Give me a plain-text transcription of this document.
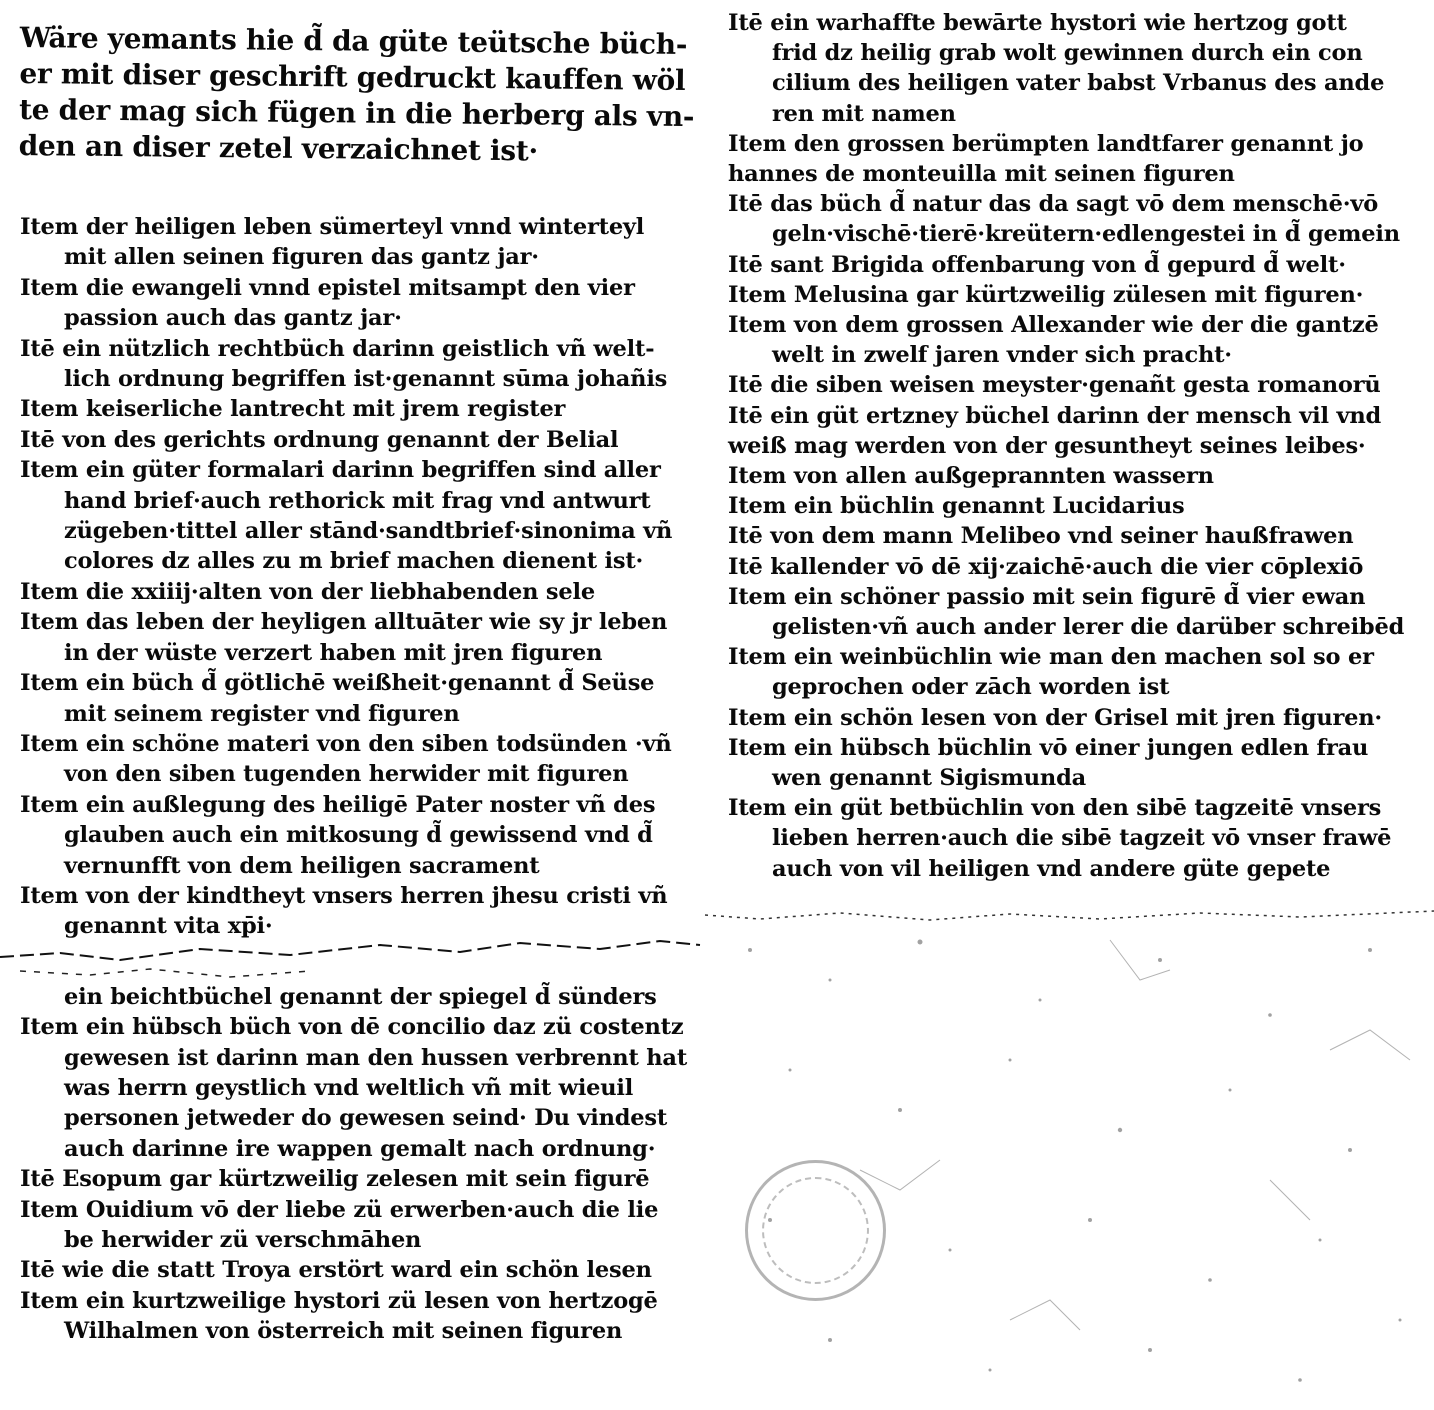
Wäre yemants hie d̃ da güte teütsche büch-
er mit diser geschrift gedruckt kauffen wöl
te der mag sich fügen in die herberg als vn-
den an diser zetel verzaichnet ist·
Item der heiligen leben sümerteyl vnnd winterteyl
mit allen seinen figuren das gantz jar·
Item die ewangeli vnnd epistel mitsampt den vier
passion auch das gantz jar·
Itē ein nützlich rechtbüch darinn geistlich vñ welt-
lich ordnung begriffen ist·genannt sūma johañis
Item keiserliche lantrecht mit jrem register
Itē von des gerichts ordnung genannt der Belial
Item ein güter formalari darinn begriffen sind aller
hand brief·auch rethorick mit frag vnd antwurt
zügeben·tittel aller stānd·sandtbrief·sinonima vñ
colores dz alles zu m brief machen dienent ist·
Item die xxiiij·alten von der liebhabenden sele
Item das leben der heyligen alltuāter wie sy jr leben
in der wüste verzert haben mit jren figuren
Item ein büch d̃ götlichē weißheit·genannt d̃ Seüse
mit seinem register vnd figuren
Item ein schöne materi von den siben todsünden ·vñ
von den siben tugenden herwider mit figuren
Item ein außlegung des heiligē Pater noster vñ des
glauben auch ein mitkosung d̃ gewissend vnd d̃
vernunfft von dem heiligen sacrament
Item von der kindtheyt vnsers herren jhesu cristi vñ
genannt vita xp̄i·
ein beichtbüchel genannt der spiegel d̃ sünders
Item ein hübsch büch von dē concilio daz zü costentz
gewesen ist darinn man den hussen verbrennt hat
was herrn geystlich vnd weltlich vñ mit wieuil
personen jetweder do gewesen seind· Du vindest
auch darinne ire wappen gemalt nach ordnung·
Itē Esopum gar kürtzweilig zelesen mit sein figurē
Item Ouidium vō der liebe zü erwerben·auch die lie
be herwider zü verschmāhen
Itē wie die statt Troya erstört ward ein schön lesen
Item ein kurtzweilige hystori zü lesen von hertzogē
Wilhalmen von österreich mit seinen figuren
Itē ein warhaffte bewārte hystori wie hertzog gott
frid dz heilig grab wolt gewinnen durch ein con
cilium des heiligen vater babst Vrbanus des ande
ren mit namen
Item den grossen berümpten landtfarer genannt jo
hannes de monteuilla mit seinen figuren
Itē das büch d̃ natur das da sagt vō dem menschē·vō
geln·vischē·tierē·kreütern·edlengestei in d̃ gemein
Itē sant Brigida offenbarung von d̃ gepurd d̃ welt·
Item Melusina gar kürtzweilig zülesen mit figuren·
Item von dem grossen Allexander wie der die gantzē
welt in zwelf jaren vnder sich pracht·
Itē die siben weisen meyster·genañt gesta romanorū
Itē ein güt ertzney büchel darinn der mensch vil vnd
weiß mag werden von der gesuntheyt seines leibes·
Item von allen außgeprannten wassern
Item ein büchlin genannt Lucidarius
Itē von dem mann Melibeo vnd seiner haußfrawen
Itē kallender vō dē xij·zaichē·auch die vier cōplexiō
Item ein schöner passio mit sein figurē d̃ vier ewan
gelisten·vñ auch ander lerer die darüber schreibēd
Item ein weinbüchlin wie man den machen sol so er
geprochen oder zāch worden ist
Item ein schön lesen von der Grisel mit jren figuren·
Item ein hübsch büchlin vō einer jungen edlen frau
wen genannt Sigismunda
Item ein güt betbüchlin von den sibē tagzeitē vnsers
lieben herren·auch die sibē tagzeit vō vnser frawē
auch von vil heiligen vnd andere güte gepete
